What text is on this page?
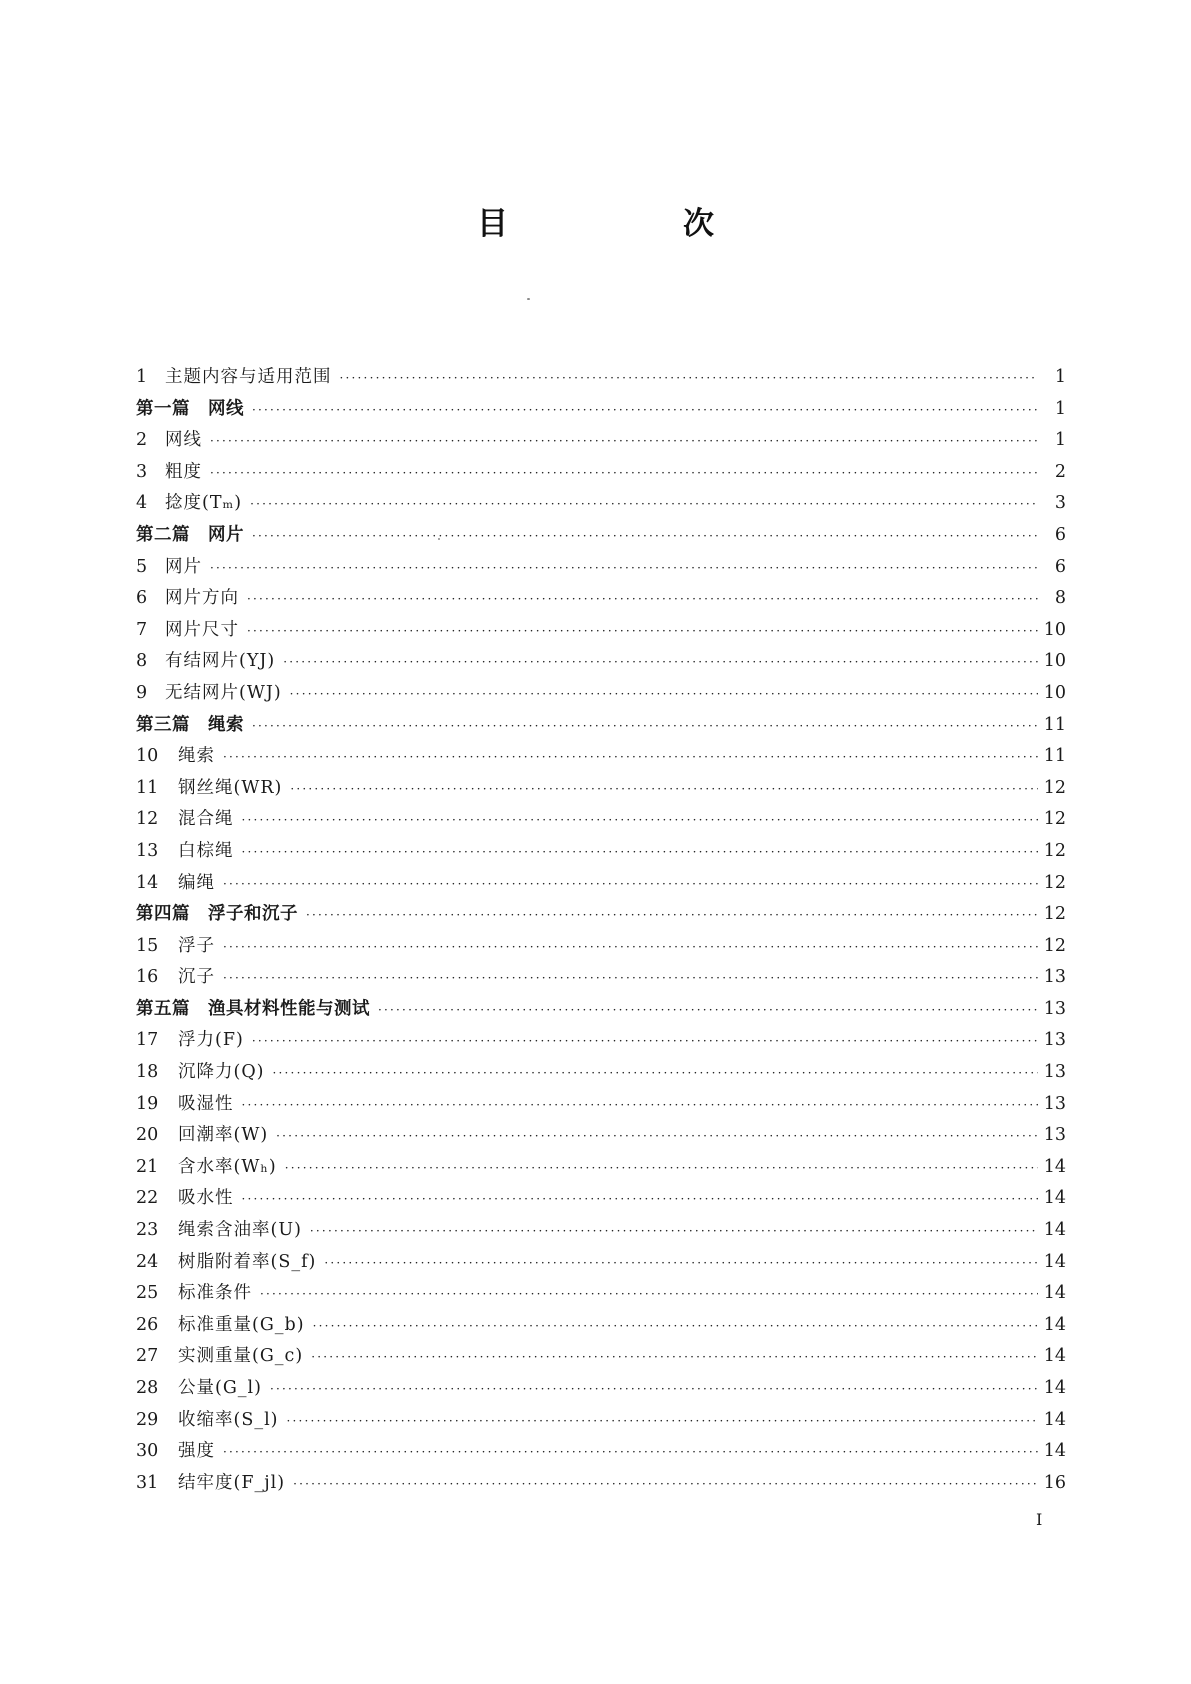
目　次
1 主题内容与适用范围 ·····	1
第一篇　网线 ·····	1
2 网线 ·····	1
3 粗度 ·····	2
4 捻度(Tₘ) ·····	3
第二篇　网片 ·····	6
5 网片 ·····	6
6 网片方向 ·····	8
7 网片尺寸 ·····	10
8 有结网片(YJ) ·····	10
9 无结网片(WJ) ·····	10
第三篇　绳索 ·····	11
10	绳索 ·····	11
11	钢丝绳(WR) ·····	12
12	混合绳 ·····	12
13	白棕绳 ·····	12
14	编绳 ·····	12
第四篇　浮子和沉子 ·····	12
15	浮子 ·····	12
16	沉子 ·····	13
第五篇　渔具材料性能与测试 ·····	13
17	浮力(F) ·····	13
18	沉降力(Q) ·····	13
19	吸湿性 ·····	13
20	回潮率(W) ·····	13
21	含水率(Wₕ) ·····	14
22	吸水性 ·····	14
23	绳索含油率(U) ·····	14
24	树脂附着率(S_f) ·····	14
25	标准条件 ·····	14
26	标准重量(G_b) ·····	14
27	实测重量(G_c) ·····	14
28	公量(G_l) ·····	14
29	收缩率(S_l) ·····	14
30	强度 ·····	14
31	结牢度(F_jl) ·····	16
I
